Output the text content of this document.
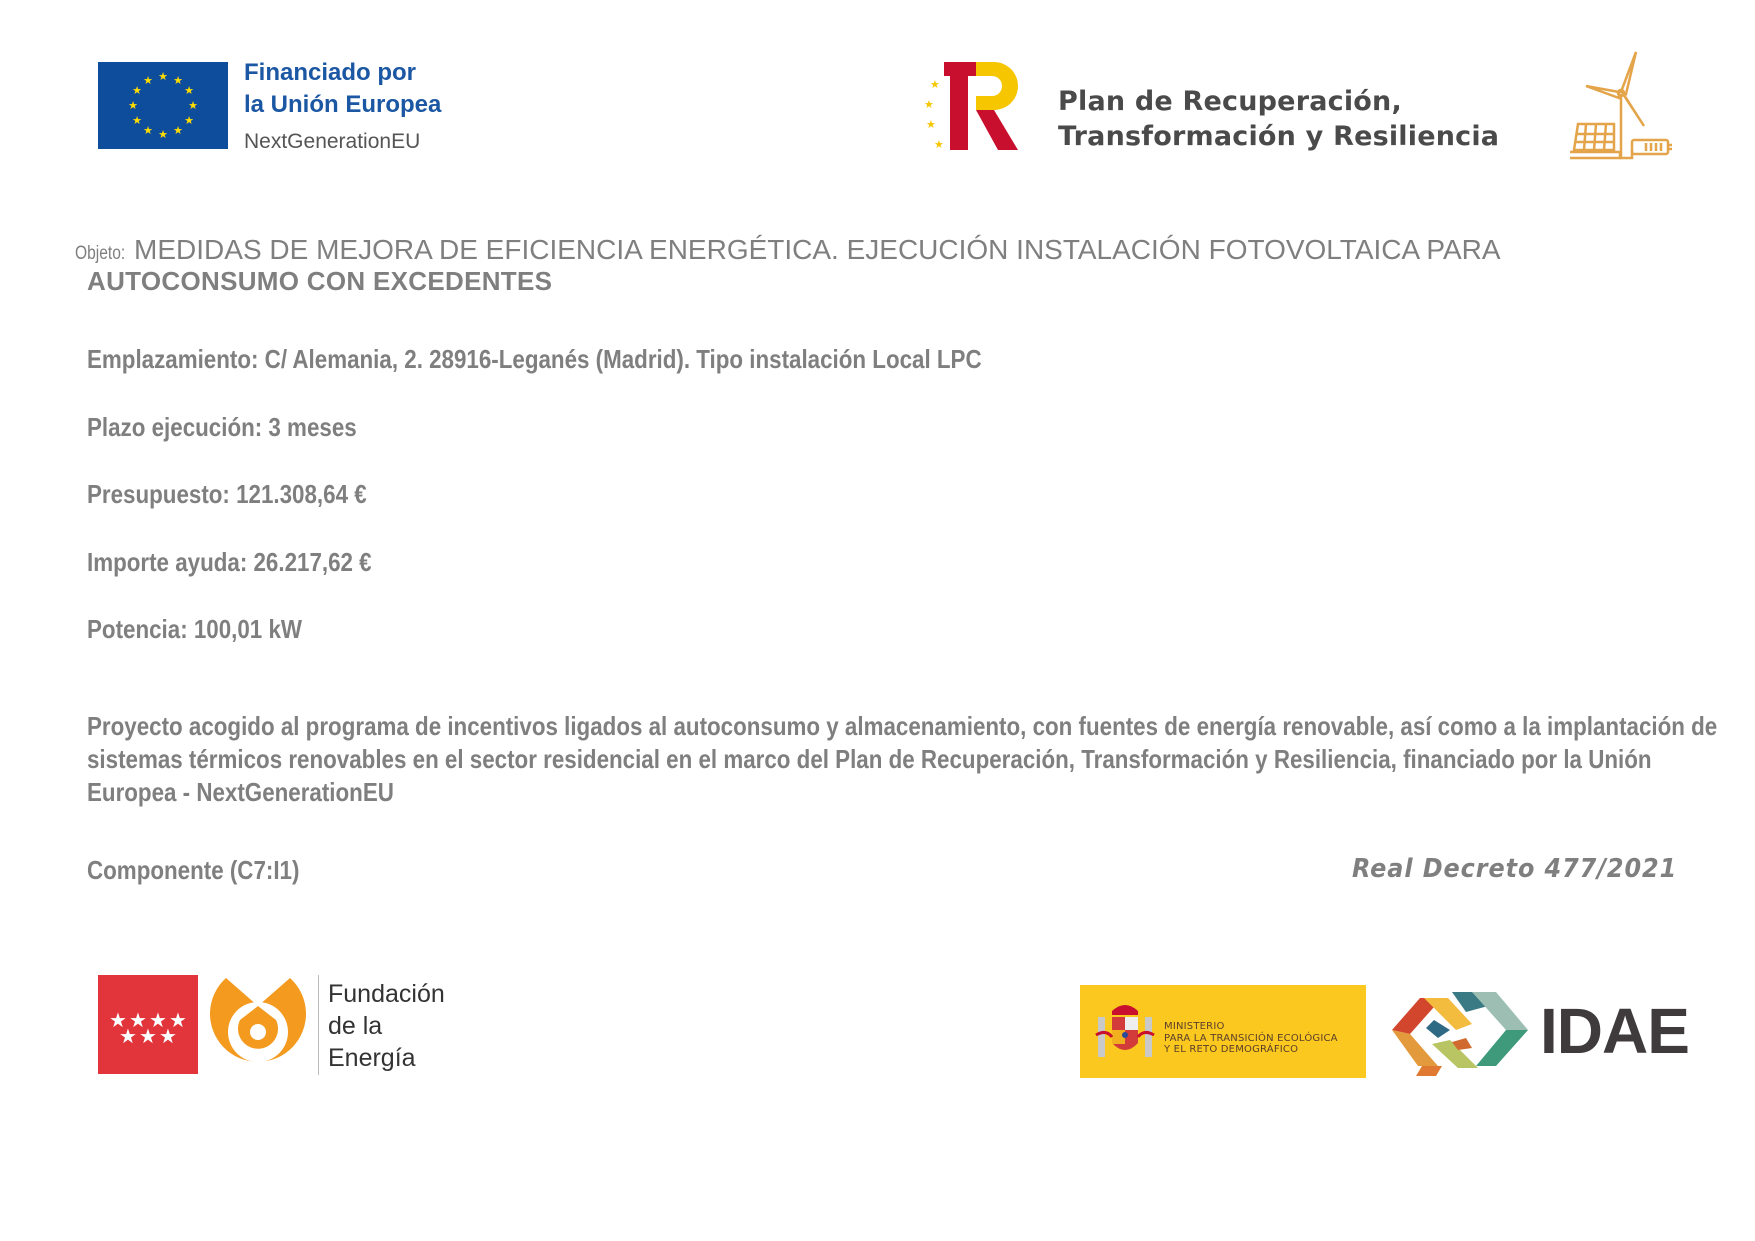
★ ★
★
★
★
★
★
★
★
★
★
★	Financiado por
la Unión Europea
NextGenerationEU
★
★
★
★
Plan de Recuperación,
Transformación y Resiliencia
Objeto: MEDIDAS DE MEJORA DE EFICIENCIA ENERGÉTICA. EJECUCIÓN INSTALACIÓN FOTOVOLTAICA PARA
AUTOCONSUMO CON EXCEDENTES
Emplazamiento: C/ Alemania, 2. 28916-Leganés (Madrid). Tipo instalación Local LPC
Plazo ejecución: 3 meses
Presupuesto: 121.308,64 €
Importe ayuda: 26.217,62 €
Potencia: 100,01 kW
Proyecto acogido al programa de incentivos ligados al autoconsumo y almacenamiento, con fuentes de energía renovable, así como a la implantación de sistemas térmicos renovables en el sector residencial en el marco del Plan de Recuperación, Transformación y Resiliencia, financiado por la Unión Europea - NextGenerationEU
Componente (C7:I1)	Real Decreto 477/2021
★ ★ ★ ★
★ ★ ★
Fundación
de la
Energía
MINISTERIO
PARA LA TRANSICIÓN ECOLÓGICA
Y EL RETO DEMOGRÁFICO	IDAE
